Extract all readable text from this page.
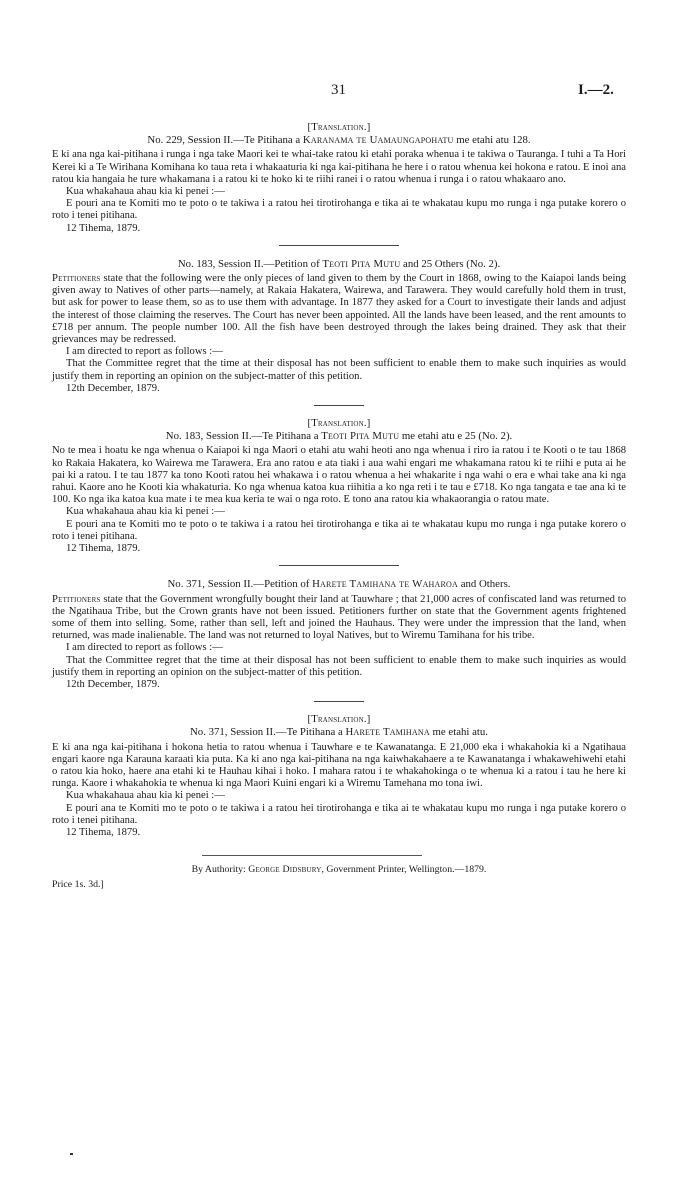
31	I.—2.

[Translation.]

No. 229, Session II.—Te Pitihana a Karanama te Uamaungapohatu me etahi atu 128.

E ki ana nga kai-pitihana i runga i nga take Maori kei te whai-take ratou ki etahi poraka whenua i te takiwa o Tauranga. I tuhi a Ta Hori Kerei ki a Te Wirihana Komihana ko taua reta i whakaaturia ki nga kai-pitihana he here i o ratou whenua kei hokona e ratou. E inoi ana ratou kia hangaia he ture whakamana i a ratou ki te hoko ki te riihi ranei i o ratou whenua i runga i o ratou whakaaro ano.

Kua whakahaua ahau kia ki penei :—

E pouri ana te Komiti mo te poto o te takiwa i a ratou hei tirotirohanga e tika ai te whakatau kupu mo runga i nga putake korero o roto i tenei pitihana.

12 Tihema, 1879.

No. 183, Session II.—Petition of Teoti Pita Mutu and 25 Others (No. 2).

Petitioners state that the following were the only pieces of land given to them by the Court in 1868, owing to the Kaiapoi lands being given away to Natives of other parts—namely, at Rakaia Hakatera, Wairewa, and Tarawera. They would carefully hold them in trust, but ask for power to lease them, so as to use them with advantage. In 1877 they asked for a Court to investigate their lands and adjust the interest of those claiming the reserves. The Court has never been appointed. All the lands have been leased, and the rent amounts to £718 per annum. The people number 100. All the fish have been destroyed through the lakes being drained. They ask that their grievances may be redressed.

I am directed to report as follows :—

That the Committee regret that the time at their disposal has not been sufficient to enable them to make such inquiries as would justify them in reporting an opinion on the subject-matter of this petition.

12th December, 1879.

[Translation.]

No. 183, Session II.—Te Pitihana a Teoti Pita Mutu me etahi atu e 25 (No. 2).

No te mea i hoatu ke nga whenua o Kaiapoi ki nga Maori o etahi atu wahi heoti ano nga whenua i riro ia ratou i te Kooti o te tau 1868 ko Rakaia Hakatera, ko Wairewa me Tarawera. Era ano ratou e ata tiaki i aua wahi engari me whakamana ratou ki te riihi e puta ai he pai ki a ratou. I te tau 1877 ka tono Kooti ratou hei whakawa i o ratou whenua a hei whakarite i nga wahi o era e whai take ana ki nga rahui. Kaore ano he Kooti kia whakaturia. Ko nga whenua katoa kua riihitia a ko nga reti i te tau e £718. Ko nga tangata e tae ana ki te 100. Ko nga ika katoa kua mate i te mea kua keria te wai o nga roto. E tono ana ratou kia whakaorangia o ratou mate.

Kua whakahaua ahau kia ki penei :—

E pouri ana te Komiti mo te poto o te takiwa i a ratou hei tirotirohanga e tika ai te whakatau kupu mo runga i nga putake korero o roto i tenei pitihana.

12 Tihema, 1879.

No. 371, Session II.—Petition of Harete Tamihana te Waharoa and Others.

Petitioners state that the Government wrongfully bought their land at Tauwhare ; that 21,000 acres of confiscated land was returned to the Ngatihaua Tribe, but the Crown grants have not been issued. Petitioners further on state that the Government agents frightened some of them into selling. Some, rather than sell, left and joined the Hauhaus. They were under the impression that the land, when returned, was made inalienable. The land was not returned to loyal Natives, but to Wiremu Tamihana for his tribe.

I am directed to report as follows :—

That the Committee regret that the time at their disposal has not been sufficient to enable them to make such inquiries as would justify them in reporting an opinion on the subject-matter of this petition.

12th December, 1879.

[Translation.]

No. 371, Session II.—Te Pitihana a Harete Tamihana me etahi atu.

E ki ana nga kai-pitihana i hokona hetia to ratou whenua i Tauwhare e te Kawanatanga. E 21,000 eka i whakahokia ki a Ngatihaua engari kaore nga Karauna karaati kia puta. Ka ki ano nga kai-pitihana na nga kaiwhakahaere a te Kawanatanga i whakawehiwehi etahi o ratou kia hoko, haere ana etahi ki te Hauhau kihai i hoko. I mahara ratou i te whakahokinga o te whenua ki a ratou i tau he here ki runga. Kaore i whakahokia te whenua ki nga Maori Kuini engari ki a Wiremu Tamehana mo tona iwi.

Kua whakahaua ahau kia ki penei :—

E pouri ana te Komiti mo te poto o te takiwa i a ratou hei tirotirohanga e tika ai te whakatau kupu mo runga i nga putake korero o roto i tenei pitihana.

12 Tihema, 1879.

By Authority: George Didsbury, Government Printer, Wellington.—1879.

Price 1s. 3d.]
